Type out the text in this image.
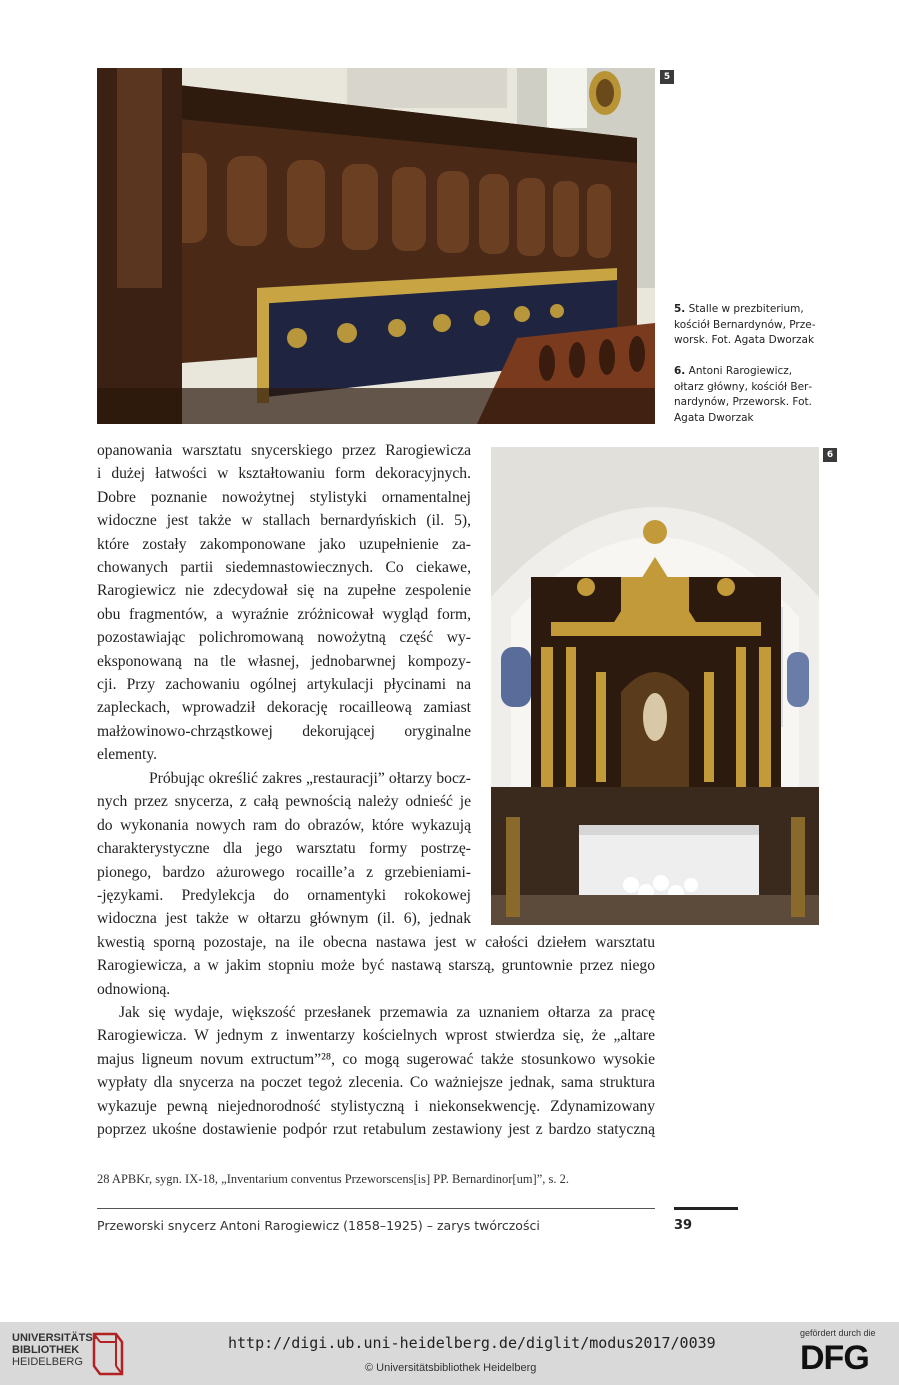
5
5. Stalle w prezbiterium, kościół Bernardynów, Przeworsk. Fot. Agata Dworzak
6. Antoni Rarogiewicz, ołtarz główny, kościół Bernardynów, Przeworsk. Fot. Agata Dworzak
6
opanowania warsztatu snycerskiego przez Rarogiewicza
i dużej łatwości w kształtowaniu form dekoracyjnych.
Dobre poznanie nowożytnej stylistyki ornamentalnej
widoczne jest także w stallach bernardyńskich (il. 5),
które zostały zakomponowane jako uzupełnienie za-
chowanych partii siedemnastowiecznych. Co ciekawe,
Rarogiewicz nie zdecydował się na zupełne zespolenie
obu fragmentów, a wyraźnie zróżnicował wygląd form,
pozostawiając polichromowaną nowożytną część wy-
eksponowaną na tle własnej, jednobarwnej kompozy-
cji. Przy zachowaniu ogólnej artykulacji płycinami na
zapleckach, wprowadził dekorację rocailleową zamiast
małżowinowo-chrząstkowej dekorującej oryginalne
elementy.
Próbując określić zakres „restauracji” ołtarzy bocz-
nych przez snycerza, z całą pewnością należy odnieść je
do wykonania nowych ram do obrazów, które wykazują
charakterystyczne dla jego warsztatu formy postrzę-
pionego, bardzo ażurowego rocaille’a z grzebieniami-
-językami. Predylekcja do ornamentyki rokokowej
widoczna jest także w ołtarzu głównym (il. 6), jednak
kwestią sporną pozostaje, na ile obecna nastawa jest w całości dziełem warsztatu
Rarogiewicza, a w jakim stopniu może być nastawą starszą, gruntownie przez niego
odnowioną.
Jak się wydaje, większość przesłanek przemawia za uznaniem ołtarza za pracę
Rarogiewicza. W jednym z inwentarzy kościelnych wprost stwierdza się, że „altare
majus ligneum novum extructum”²⁸, co mogą sugerować także stosunkowo wysokie
wypłaty dla snycerza na poczet tegoż zlecenia. Co ważniejsze jednak, sama struktura
wykazuje pewną niejednorodność stylistyczną i niekonsekwencję. Zdynamizowany
poprzez ukośne dostawienie podpór rzut retabulum zestawiony jest z bardzo statyczną
28 APBKr, sygn. IX-18, „Inventarium conventus Przeworscens[is] PP. Bernardinor[um]”, s. 2.
Przeworski snycerz Antoni Rarogiewicz (1858–1925) – zarys twórczości	39
UNIVERSITÄTS-
BIBLIOTHEK
HEIDELBERG
http://digi.ub.uni-heidelberg.de/diglit/modus2017/0039
© Universitätsbibliothek Heidelberg
gefördert durch die
DFG
